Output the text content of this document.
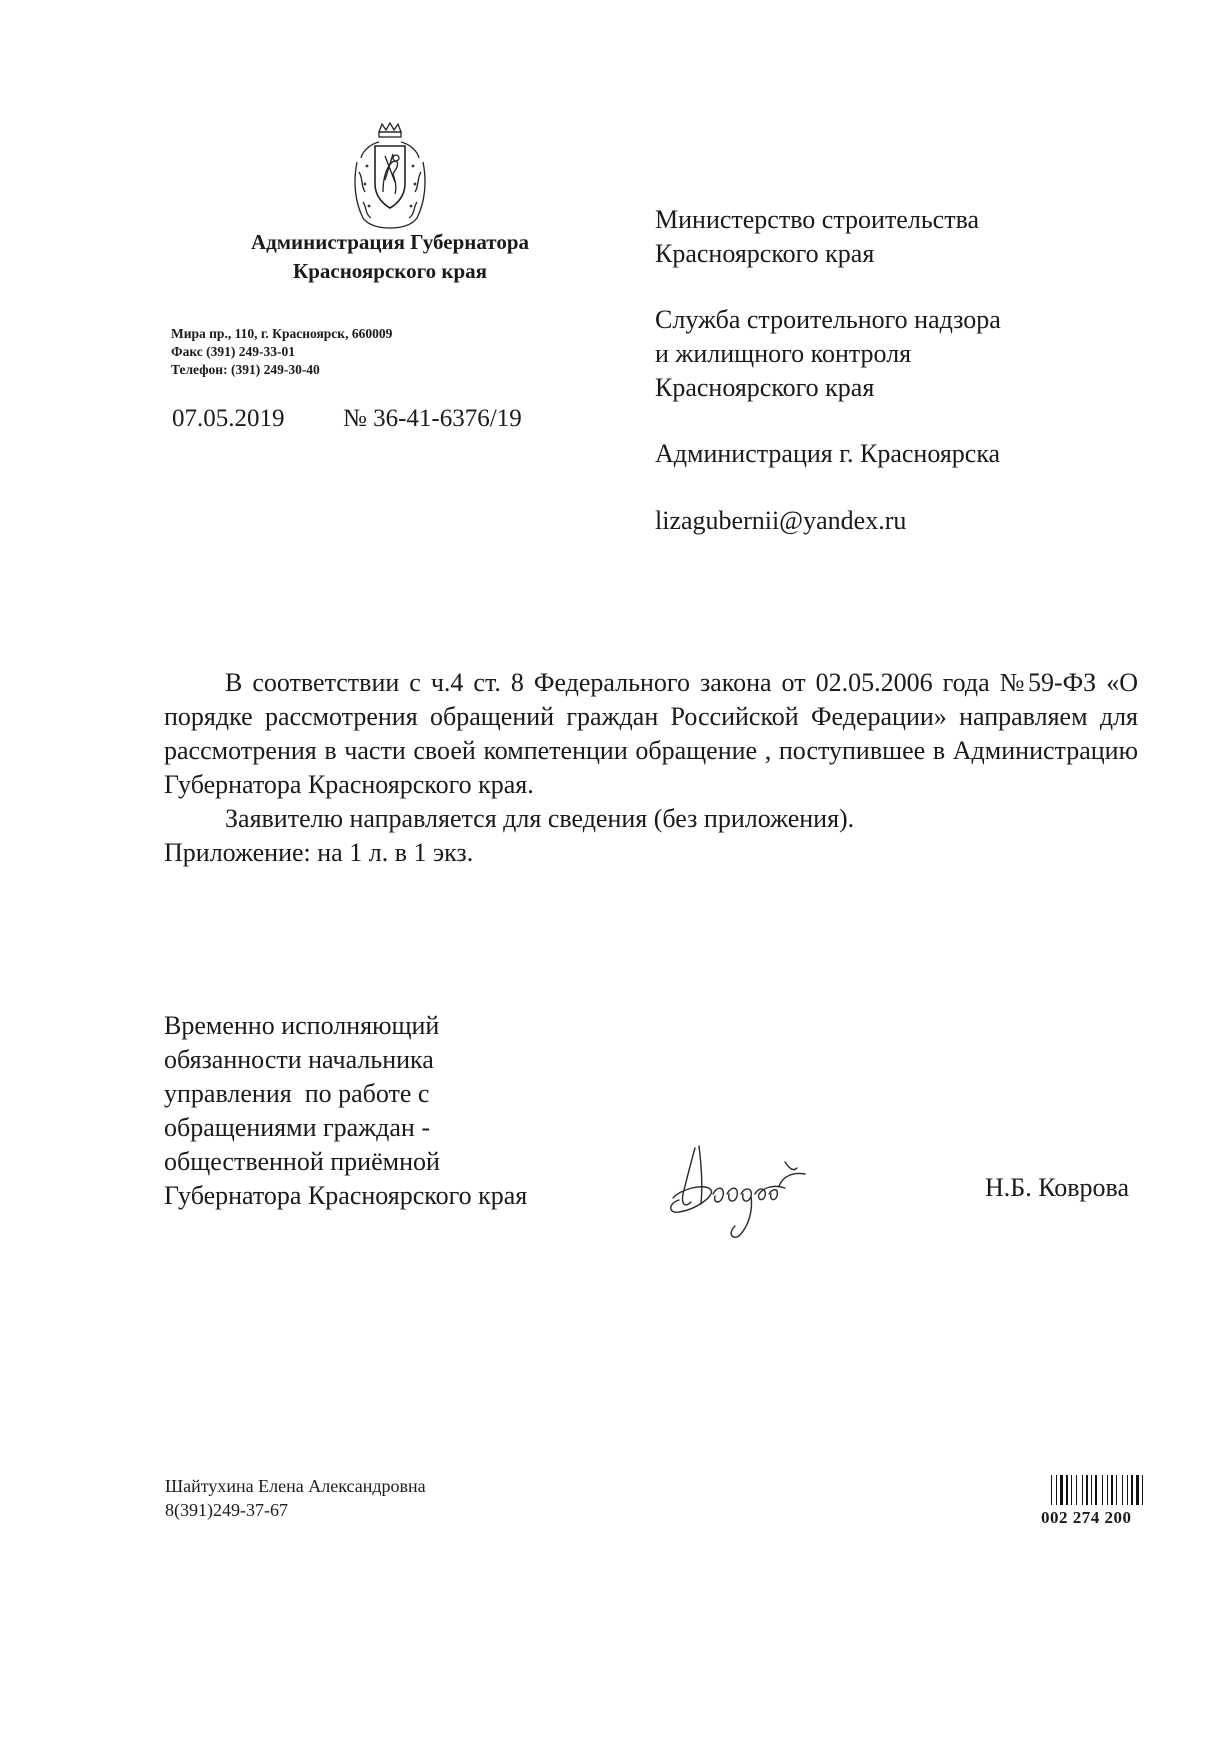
Администрация Губернатора
Красноярского края
Мира пр., 110, г. Красноярск, 660009
Факс (391) 249-33-01
Телефон: (391) 249-30-40
07.05.2019 № 36-41-6376/19
Министерство строительства
Красноярского края
Служба строительного надзора
и жилищного контроля
Красноярского края
Администрация г. Красноярска
lizagubernii@yandex.ru

В соответствии с ч.4 ст. 8 Федерального закона от 02.05.2006 года №59-ФЗ «О порядке рассмотрения обращений граждан Российской Федерации» направляем для рассмотрения в части своей компетенции обращение , поступившее в Администрацию Губернатора Красноярского края.

Заявителю направляется для сведения (без приложения).

Приложение: на 1 л. в 1 экз.

Временно исполняющий
обязанности начальника
управления  по работе с
обращениями граждан -
общественной приёмной
Губернатора Красноярского края	Н.Б. Коврова
Шайтухина Елена Александровна
8(391)249-37-67	002 274 200
